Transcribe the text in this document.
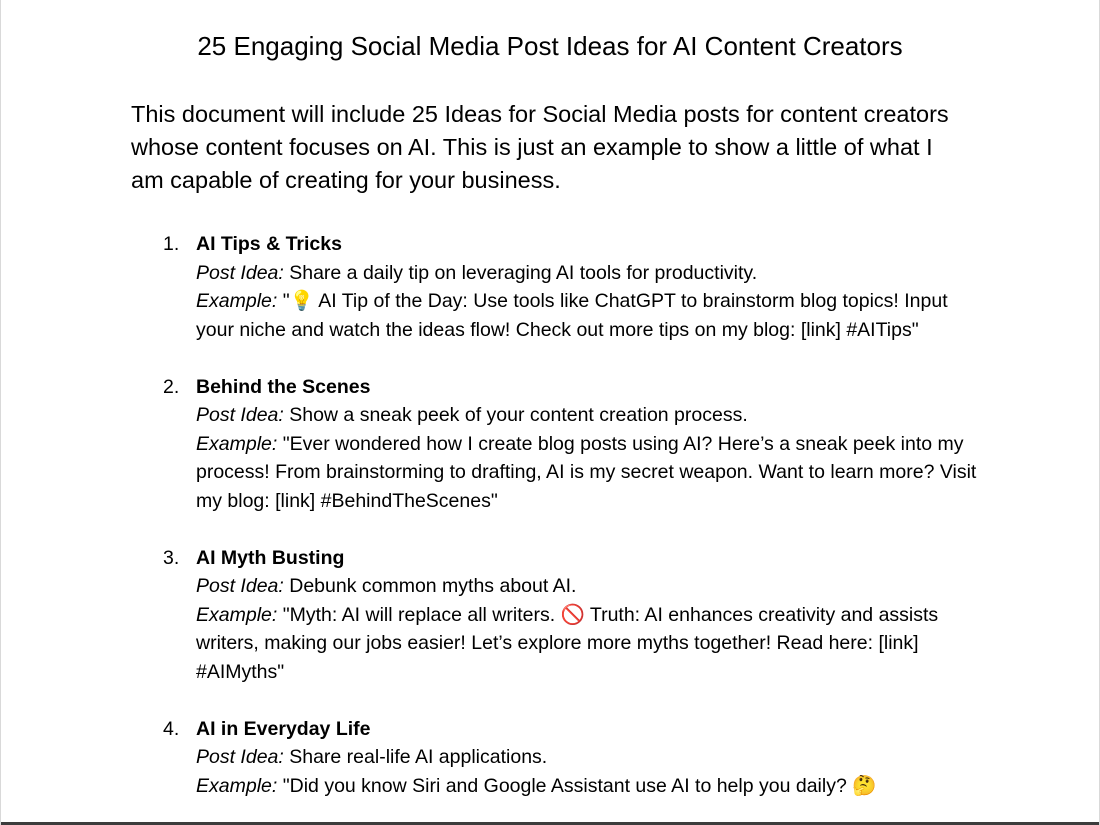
25 Engaging Social Media Post Ideas for AI Content Creators

This document will include 25 Ideas for Social Media posts for content creators whose content focuses on AI. This is just an example to show a little of what I am capable of creating for your business.

1. AI Tips & Tricks
Post Idea: Share a daily tip on leveraging AI tools for productivity.
Example: "💡 AI Tip of the Day: Use tools like ChatGPT to brainstorm blog topics! Input your niche and watch the ideas flow! Check out more tips on my blog: [link] #AITips"
2. Behind the Scenes
Post Idea: Show a sneak peek of your content creation process.
Example: "Ever wondered how I create blog posts using AI? Here’s a sneak peek into my process! From brainstorming to drafting, AI is my secret weapon. Want to learn more? Visit my blog: [link] #BehindTheScenes"
3. AI Myth Busting
Post Idea: Debunk common myths about AI.
Example: "Myth: AI will replace all writers. 🚫 Truth: AI enhances creativity and assists writers, making our jobs easier! Let’s explore more myths together! Read here: [link] #AIMyths"
4. AI in Everyday Life
Post Idea: Share real-life AI applications.
Example: "Did you know Siri and Google Assistant use AI to help you daily? 🤔
